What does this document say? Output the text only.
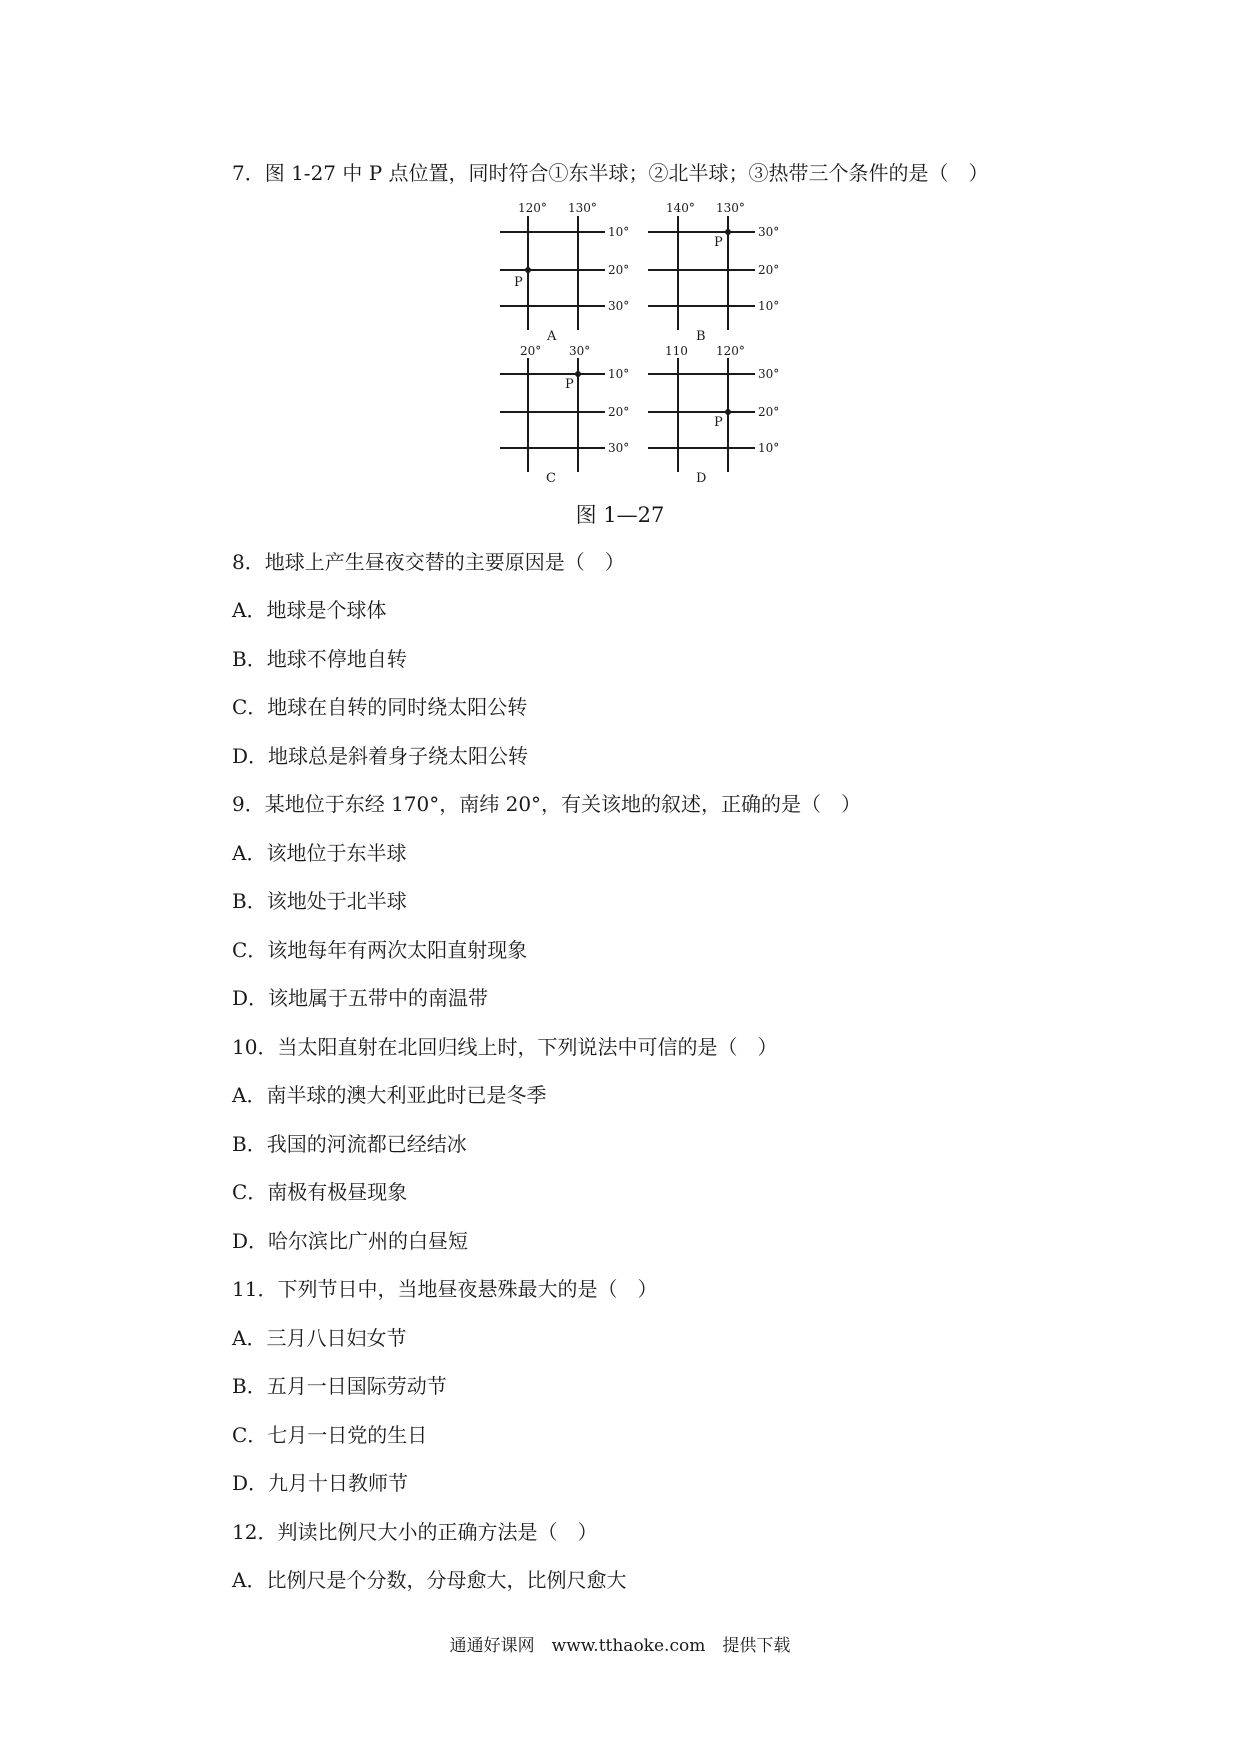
7．图 1-27 中 P 点位置，同时符合①东半球；②北半球；③热带三个条件的是（　）
120° 130°
10°
20°
30°
P
A
140° 130°
30°
20°
10°
P
B
20° 30°
10°
20°
30°
P
C
110 120°
30°
20°
10°
P
D
图 1—27
8．地球上产生昼夜交替的主要原因是（　）
A．地球是个球体
B．地球不停地自转
C．地球在自转的同时绕太阳公转
D．地球总是斜着身子绕太阳公转
9．某地位于东经 170°，南纬 20°，有关该地的叙述，正确的是（　）
A．该地位于东半球
B．该地处于北半球
C．该地每年有两次太阳直射现象
D．该地属于五带中的南温带
10．当太阳直射在北回归线上时，下列说法中可信的是（　）
A．南半球的澳大利亚此时已是冬季
B．我国的河流都已经结冰
C．南极有极昼现象
D．哈尔滨比广州的白昼短
11．下列节日中，当地昼夜悬殊最大的是（　）
A．三月八日妇女节
B．五月一日国际劳动节
C．七月一日党的生日
D．九月十日教师节
12．判读比例尺大小的正确方法是（　）
A．比例尺是个分数，分母愈大，比例尺愈大
通通好课网　www.tthaoke.com　提供下载
